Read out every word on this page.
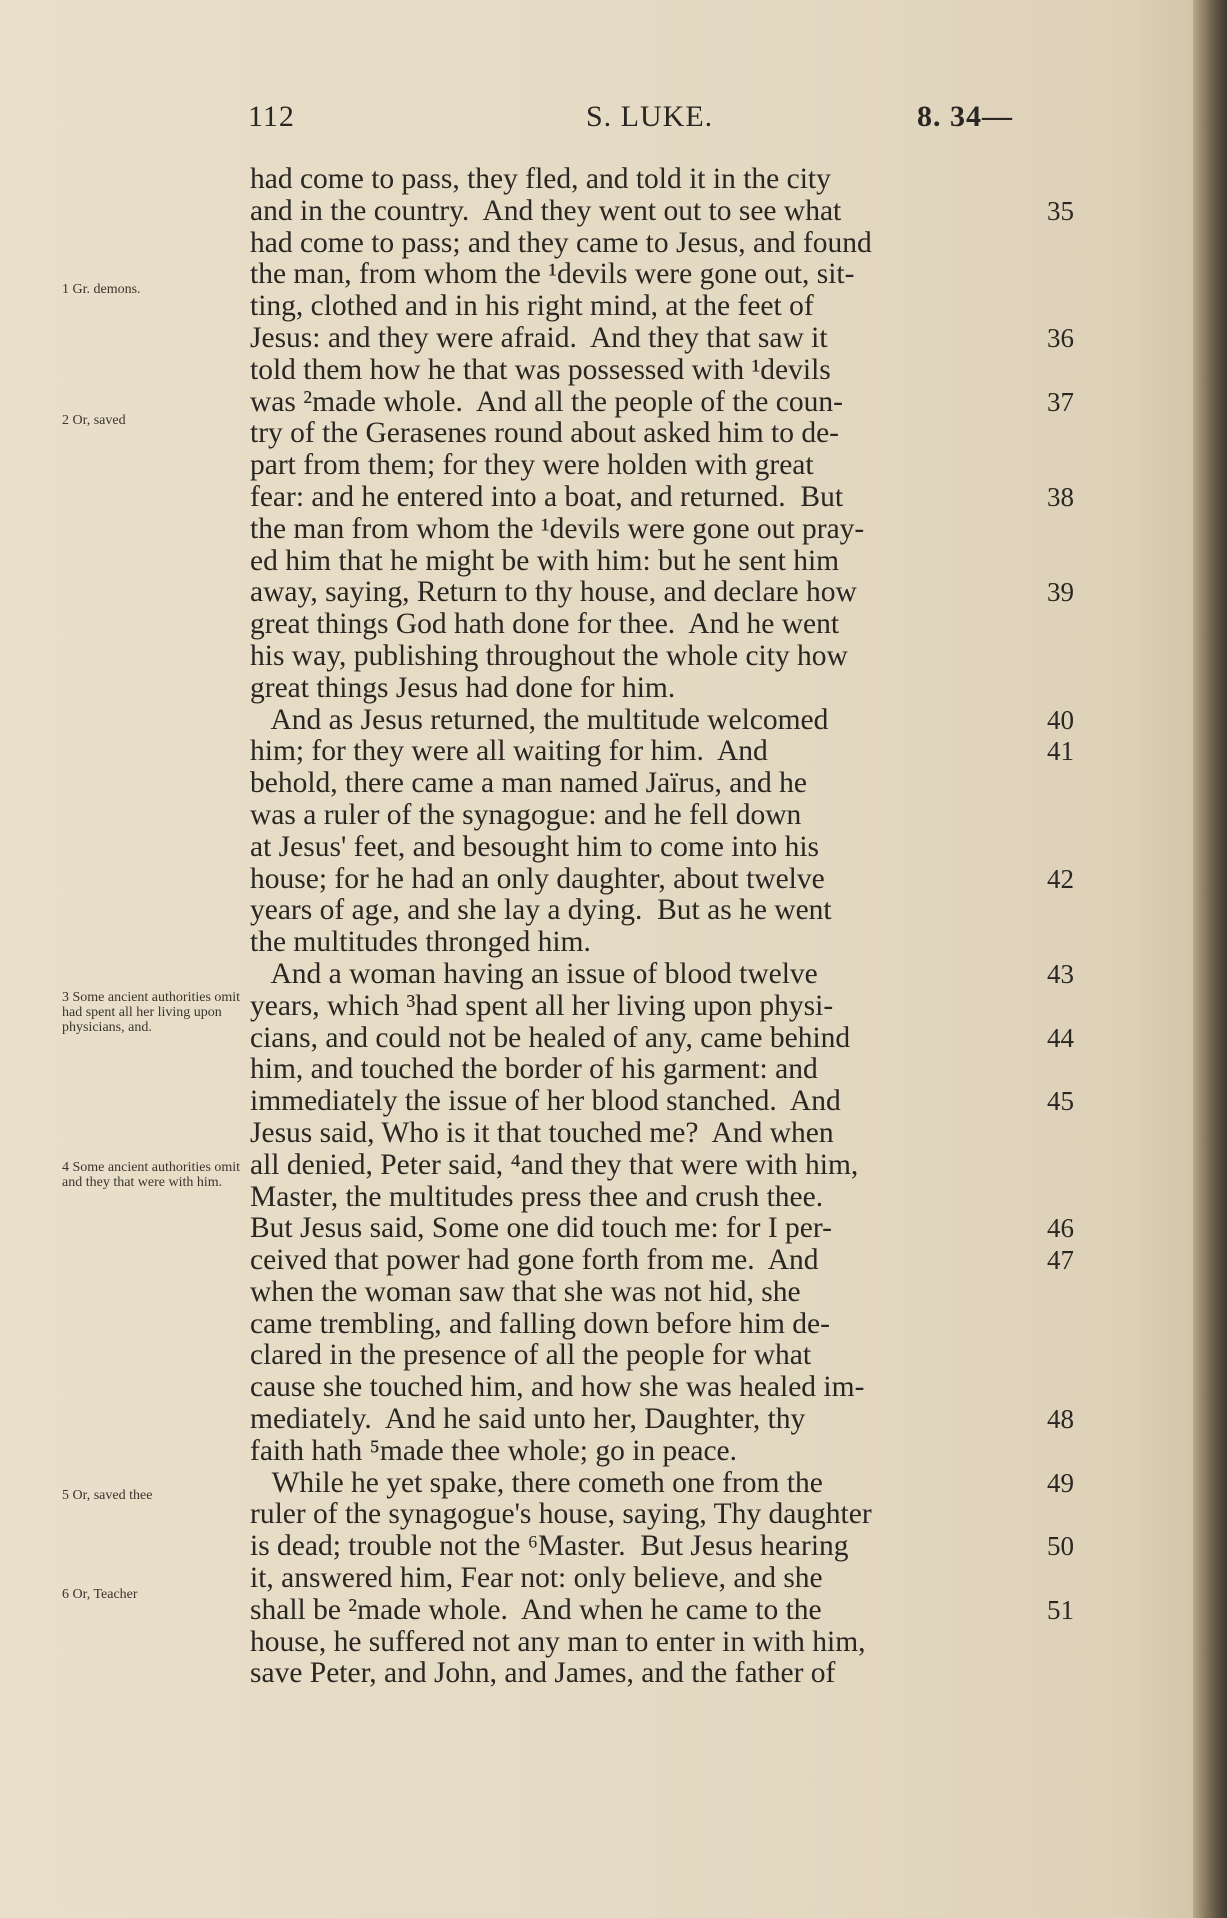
112	S. LUKE.	8. 34—
had come to pass, they fled, and told it in the city
and in the country.  And they went out to see what	35
had come to pass; and they came to Jesus, and found
the man, from whom the ¹devils were gone out, sit-
ting, clothed and in his right mind, at the feet of
Jesus: and they were afraid.  And they that saw it	36
told them how he that was possessed with ¹devils
was ²made whole.  And all the people of the coun-	37
try of the Gerasenes round about asked him to de-
part from them; for they were holden with great
fear: and he entered into a boat, and returned.  But	38
the man from whom the ¹devils were gone out pray-
ed him that he might be with him: but he sent him
away, saying, Return to thy house, and declare how	39
great things God hath done for thee.  And he went
his way, publishing throughout the whole city how
great things Jesus had done for him.
And as Jesus returned, the multitude welcomed	40
him; for they were all waiting for him.  And	41
behold, there came a man named Jaïrus, and he
was a ruler of the synagogue: and he fell down
at Jesus' feet, and besought him to come into his
house; for he had an only daughter, about twelve	42
years of age, and she lay a dying.  But as he went
the multitudes thronged him.
And a woman having an issue of blood twelve	43
years, which ³had spent all her living upon physi-
cians, and could not be healed of any, came behind	44
him, and touched the border of his garment: and
immediately the issue of her blood stanched.  And	45
Jesus said, Who is it that touched me?  And when
all denied, Peter said, ⁴and they that were with him,
Master, the multitudes press thee and crush thee.
But Jesus said, Some one did touch me: for I per-	46
ceived that power had gone forth from me.  And	47
when the woman saw that she was not hid, she
came trembling, and falling down before him de-
clared in the presence of all the people for what
cause she touched him, and how she was healed im-
mediately.  And he said unto her, Daughter, thy	48
faith hath ⁵made thee whole; go in peace.
While he yet spake, there cometh one from the	49
ruler of the synagogue's house, saying, Thy daughter
is dead; trouble not the ⁶Master.  But Jesus hearing	50
it, answered him, Fear not: only believe, and she
shall be ²made whole.  And when he came to the	51
house, he suffered not any man to enter in with him,
save Peter, and John, and James, and the father of
1 Gr. demons.
2 Or, saved
3 Some ancient authorities omit had spent all her living upon physicians, and.
4 Some ancient authorities omit and they that were with him.
5 Or, saved thee
6 Or, Teacher
